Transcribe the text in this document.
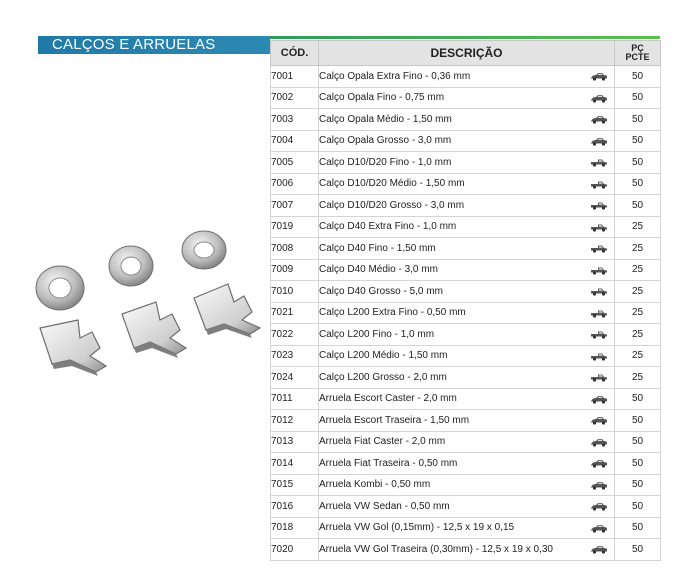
CALÇOS E ARRUELAS	CÓD.	DESCRIÇÃO	PÇ
PCTE
7001	Calço Opala Extra Fino - 0,36 mm	50
7002	Calço Opala Fino - 0,75 mm	50
7003	Calço Opala Médio - 1,50 mm	50
7004	Calço Opala Grosso - 3,0 mm	50
7005	Calço D10/D20 Fino - 1,0 mm	50
7006	Calço D10/D20 Médio - 1,50 mm	50
7007	Calço D10/D20 Grosso - 3,0 mm	50
7019	Calço D40 Extra Fino - 1,0 mm	25
7008	Calço D40 Fino - 1,50 mm	25
7009	Calço D40 Médio - 3,0 mm	25
7010	Calço D40 Grosso - 5,0 mm	25
7021	Calço L200 Extra Fino - 0,50 mm	25
7022	Calço L200 Fino - 1,0 mm	25
7023	Calço L200 Médio - 1,50 mm	25
7024	Calço L200 Grosso - 2,0 mm	25
7011	Arruela Escort Caster - 2,0 mm	50
7012	Arruela Escort Traseira - 1,50 mm	50
7013	Arruela Fiat Caster - 2,0 mm	50
7014	Arruela Fiat Traseira - 0,50 mm	50
7015	Arruela Kombi - 0,50 mm	50
7016	Arruela VW Sedan - 0,50 mm	50
7018	Arruela VW Gol (0,15mm) - 12,5 x 19 x 0,15	50
7020	Arruela VW Gol Traseira (0,30mm) - 12,5 x 19 x 0,30	50
